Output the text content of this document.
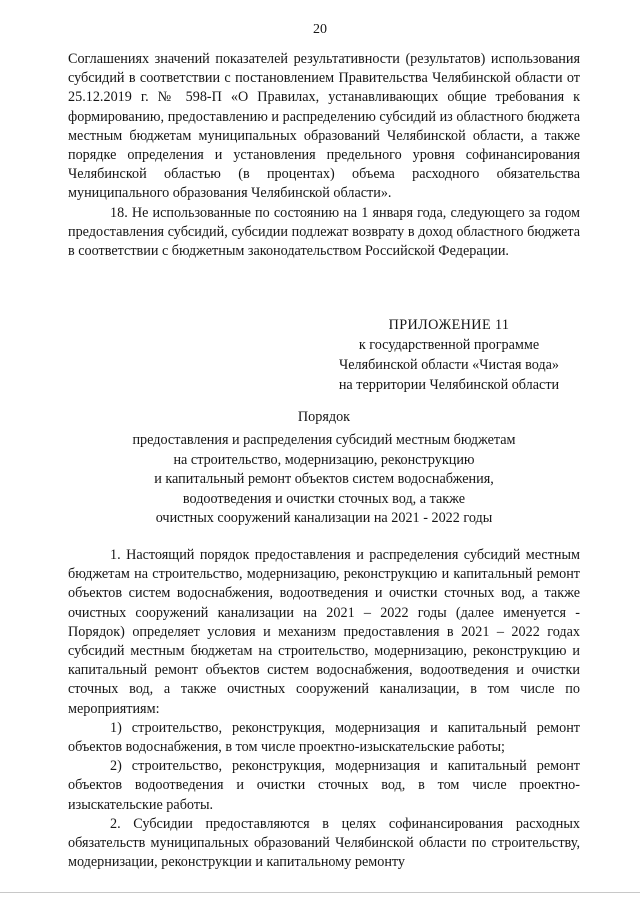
20

Соглашениях значений показателей результативности (результатов) использования субсидий в соответствии с постановлением Правительства Челябинской области от 25.12.2019 г. № 598-П «О Правилах, устанавливающих общие требования к формированию, предоставлению и распределению субсидий из областного бюджета местным бюджетам муниципальных образований Челябинской области, а также порядке определения и установления предельного уровня софинансирования Челябинской областью (в процентах) объема расходного обязательства муниципального образования Челябинской области».

18. Не использованные по состоянию на 1 января года, следующего за годом предоставления субсидий, субсидии подлежат возврату в доход областного бюджета в соответствии с бюджетным законодательством Российской Федерации.

ПРИЛОЖЕНИЕ 11
к государственной программе
Челябинской области «Чистая вода»
на территории Челябинской области
Порядок
предоставления и распределения субсидий местным бюджетам
на строительство, модернизацию, реконструкцию
и капитальный ремонт объектов систем водоснабжения,
водоотведения и очистки сточных вод, а также
очистных сооружений канализации на 2021 - 2022 годы

1. Настоящий порядок предоставления и распределения субсидий местным бюджетам на строительство, модернизацию, реконструкцию и капитальный ремонт объектов систем водоснабжения, водоотведения и очистки сточных вод, а также очистных сооружений канализации на 2021 – 2022 годы (далее именуется - Порядок) определяет условия и механизм предоставления в 2021 – 2022 годах субсидий местным бюджетам на строительство, модернизацию, реконструкцию и капитальный ремонт объектов систем водоснабжения, водоотведения и очистки сточных вод, а также очистных сооружений канализации, в том числе по мероприятиям:

1) строительство, реконструкция, модернизация и капитальный ремонт объектов водоснабжения, в том числе проектно-изыскательские работы;

2) строительство, реконструкция, модернизация и капитальный ремонт объектов водоотведения и очистки сточных вод, в том числе проектно-изыскательские работы.

2. Субсидии предоставляются в целях софинансирования расходных обязательств муниципальных образований Челябинской области по строительству, модернизации, реконструкции и капитальному ремонту
